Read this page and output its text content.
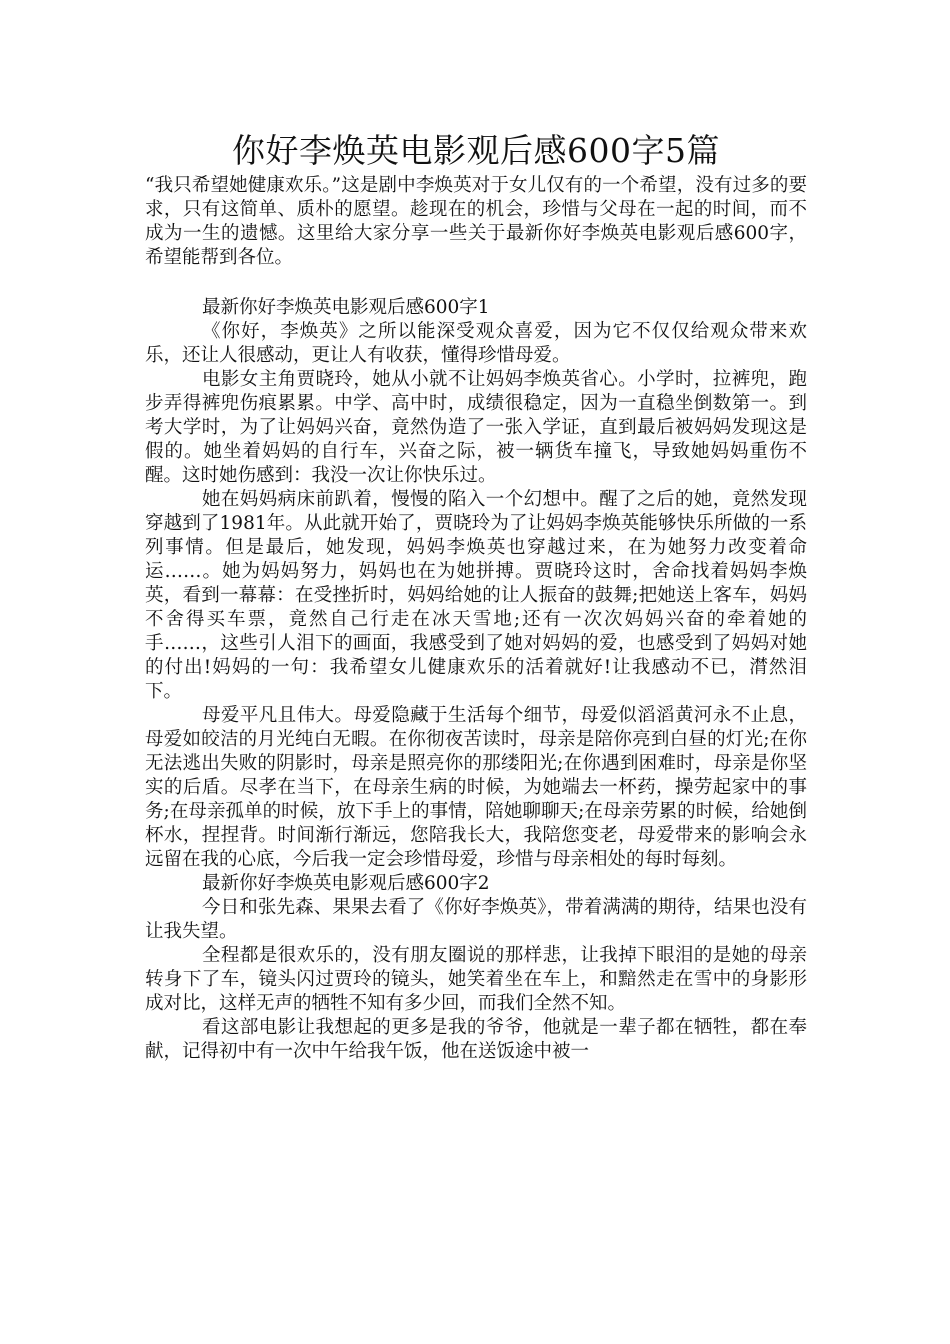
你好李焕英电影观后感600字5篇

“我只希望她健康欢乐。”这是剧中李焕英对于女儿仅有的一个希望，没有过多的要求，只有这简单、质朴的愿望。趁现在的机会，珍惜与父母在一起的时间，而不成为一生的遗憾。这里给大家分享一些关于最新你好李焕英电影观后感600字，希望能帮到各位。

最新你好李焕英电影观后感600字1

《你好，李焕英》之所以能深受观众喜爱，因为它不仅仅给观众带来欢乐，还让人很感动，更让人有收获，懂得珍惜母爱。

电影女主角贾晓玲，她从小就不让妈妈李焕英省心。小学时，拉裤兜，跑步弄得裤兜伤痕累累。中学、高中时，成绩很稳定，因为一直稳坐倒数第一。到考大学时，为了让妈妈兴奋，竟然伪造了一张入学证，直到最后被妈妈发现这是假的。她坐着妈妈的自行车，兴奋之际，被一辆货车撞飞，导致她妈妈重伤不醒。这时她伤感到：我没一次让你快乐过。

她在妈妈病床前趴着，慢慢的陷入一个幻想中。醒了之后的她，竟然发现穿越到了1981年。从此就开始了，贾晓玲为了让妈妈李焕英能够快乐所做的一系列事情。但是最后，她发现，妈妈李焕英也穿越过来，在为她努力改变着命运……。她为妈妈努力，妈妈也在为她拼搏。贾晓玲这时，舍命找着妈妈李焕英，看到一幕幕：在受挫折时，妈妈给她的让人振奋的鼓舞;把她送上客车，妈妈不舍得买车票，竟然自己行走在冰天雪地;还有一次次妈妈兴奋的牵着她的手……，这些引人泪下的画面，我感受到了她对妈妈的爱，也感受到了妈妈对她的付出!妈妈的一句：我希望女儿健康欢乐的活着就好!让我感动不已，潸然泪下。

母爱平凡且伟大。母爱隐藏于生活每个细节，母爱似滔滔黄河永不止息，母爱如皎洁的月光纯白无暇。在你彻夜苦读时，母亲是陪你亮到白昼的灯光;在你无法逃出失败的阴影时，母亲是照亮你的那缕阳光;在你遇到困难时，母亲是你坚实的后盾。尽孝在当下，在母亲生病的时候，为她端去一杯药，操劳起家中的事务;在母亲孤单的时候，放下手上的事情，陪她聊聊天;在母亲劳累的时候，给她倒杯水，捏捏背。时间渐行渐远，您陪我长大，我陪您变老，母爱带来的影响会永远留在我的心底，今后我一定会珍惜母爱，珍惜与母亲相处的每时每刻。

最新你好李焕英电影观后感600字2

今日和张先森、果果去看了《你好李焕英》，带着满满的期待，结果也没有让我失望。

全程都是很欢乐的，没有朋友圈说的那样悲，让我掉下眼泪的是她的母亲转身下了车，镜头闪过贾玲的镜头，她笑着坐在车上，和黯然走在雪中的身影形成对比，这样无声的牺牲不知有多少回，而我们全然不知。

看这部电影让我想起的更多是我的爷爷，他就是一辈子都在牺牲，都在奉献，记得初中有一次中午给我午饭，他在送饭途中被一
